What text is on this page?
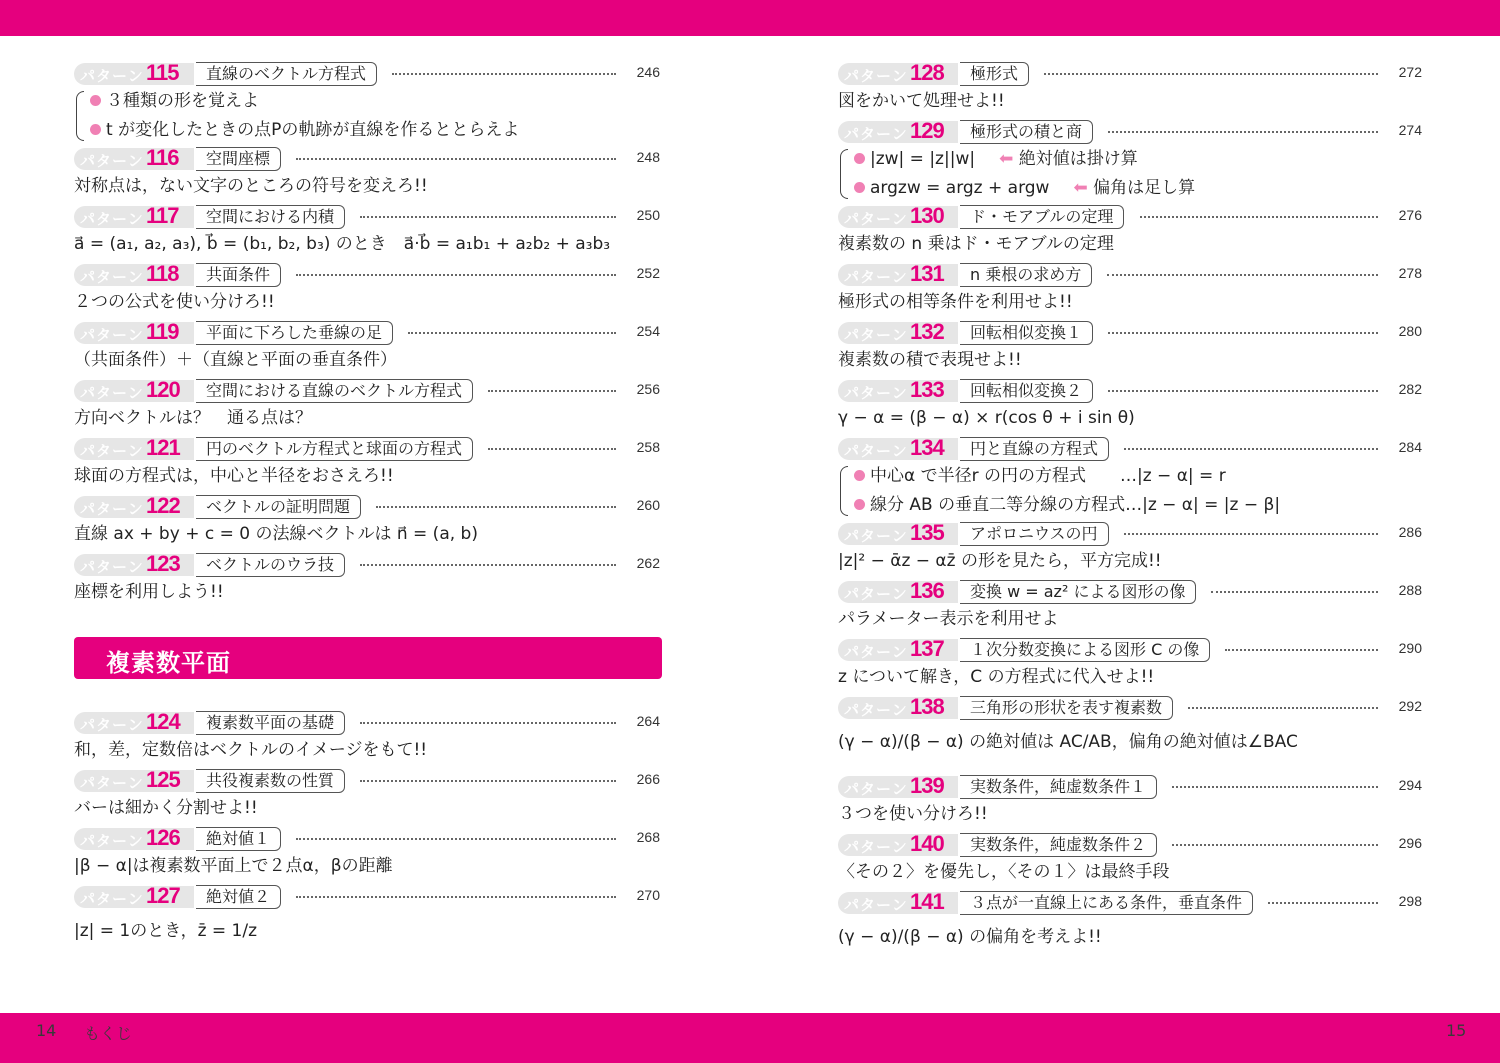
14 もくじ	15
パターン 115	直線のベクトル方程式	246
３種類の形を覚えよ
t が変化したときの点Pの軌跡が直線を作るととらえよ
パターン 116	空間座標	248
対称点は，ない文字のところの符号を変えろ!!
パターン 117	空間における内積	250
a⃗ = (a₁, a₂, a₃), b⃗ = (b₁, b₂, b₃) のとき　a⃗·b⃗ = a₁b₁ + a₂b₂ + a₃b₃
パターン 118	共面条件	252
２つの公式を使い分けろ!!
パターン 119	平面に下ろした垂線の足	254
（共面条件）＋（直線と平面の垂直条件）
パターン 120	空間における直線のベクトル方程式	256
方向ベクトルは？　通る点は？
パターン 121	円のベクトル方程式と球面の方程式	258
球面の方程式は，中心と半径をおさえろ!!
パターン 122	ベクトルの証明問題	260
直線 ax + by + c = 0 の法線ベクトルは n⃗ = (a, b)
パターン 123	ベクトルのウラ技	262
座標を利用しよう!!
複素数平面
パターン 124	複素数平面の基礎	264
和，差，定数倍はベクトルのイメージをもて!!
パターン 125	共役複素数の性質	266
バーは細かく分割せよ!!
パターン 126	絶対値１	268
|β − α|は複素数平面上で２点α，βの距離
パターン 127	絶対値２	270
|z| = 1のとき，z̄ = 1/z
パターン 128	極形式	272
図をかいて処理せよ!!
パターン 129	極形式の積と商	274
|zw| = |z||w| ⬅ 絶対値は掛け算
argzw = argz + argw ⬅ 偏角は足し算
パターン 130	ド・モアブルの定理	276
複素数の n 乗はド・モアブルの定理
パターン 131	n 乗根の求め方	278
極形式の相等条件を利用せよ!!
パターン 132	回転相似変換１	280
複素数の積で表現せよ!!
パターン 133	回転相似変換２	282
γ − α = (β − α) × r(cos θ + i sin θ)
パターン 134	円と直線の方程式	284
中心α で半径r の円の方程式　　…|z − α| = r
線分 AB の垂直二等分線の方程式…|z − α| = |z − β|
パターン 135	アポロニウスの円	286
|z|² − ᾱz − αz̄ の形を見たら，平方完成!!
パターン 136	変換 w = az² による図形の像	288
パラメーター表示を利用せよ
パターン 137	１次分数変換による図形 C の像	290
z について解き，C の方程式に代入せよ!!
パターン 138	三角形の形状を表す複素数	292
(γ − α)/(β − α) の絶対値は AC/AB，偏角の絶対値は∠BAC
パターン 139	実数条件，純虚数条件１	294
３つを使い分けろ!!
パターン 140	実数条件，純虚数条件２	296
〈その２〉を優先し，〈その１〉は最終手段
パターン 141	３点が一直線上にある条件，垂直条件	298
(γ − α)/(β − α) の偏角を考えよ!!
